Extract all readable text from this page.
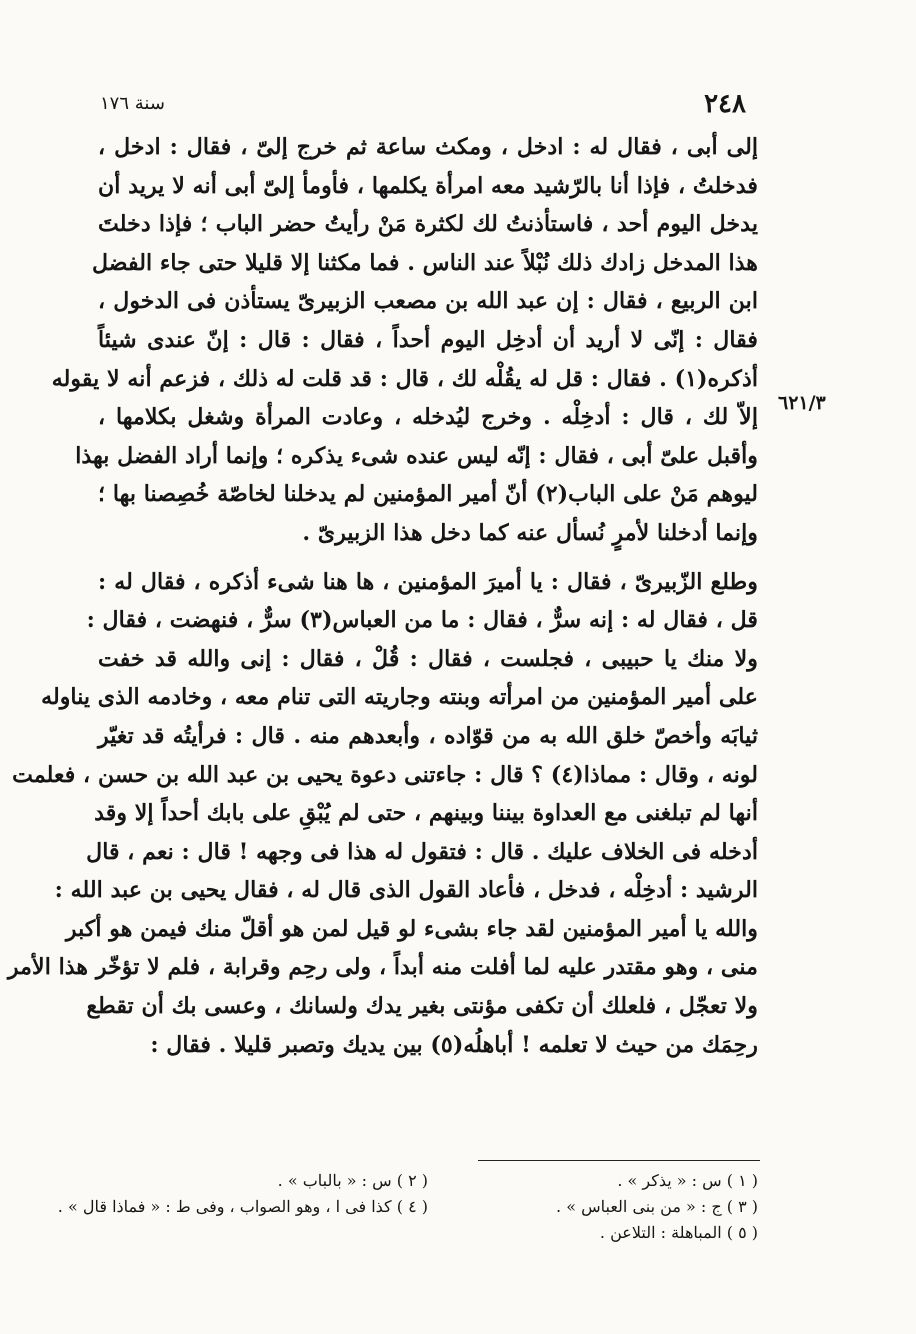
٢٤٨
سنة ١٧٦
٦٢١/٣
إلى أبى ، فقال له : ادخل ، ومكث ساعة ثم خرج إلىّ ، فقال : ادخل ،
فدخلتُ ، فإذا أنا بالرّشيد معه امرأة يكلمها ، فأومأ إلىّ أبى أنه لا يريد أن
يدخل اليوم أحد ، فاستأذنتُ لك لكثرة مَنْ رأيتُ حضر الباب ؛ فإذا دخلتَ
هذا المدخل زادك ذلك نُبْلاً عند الناس . فما مكثنا إلا قليلا حتى جاء الفضل
ابن الربيع ، فقال : إن عبد الله بن مصعب الزبيرىّ يستأذن فى الدخول ،
فقال : إنّى لا أريد أن أدخِل اليوم أحداً ، فقال : قال : إنّ عندى شيئاً
أذكره(١) . فقال : قل له يقُلْه لك ، قال : قد قلت له ذلك ، فزعم أنه لا يقوله
إلاّ لك ، قال : أدخِلْه . وخرج ليُدخله ، وعادت المرأة وشغل بكلامها ،
وأقبل علىّ أبى ، فقال : إنّه ليس عنده شىء يذكره ؛ وإنما أراد الفضل بهذا
ليوهم مَنْ على الباب(٢) أنّ أمير المؤمنين لم يدخلنا لخاصّة خُصِصنا بها ؛
وإنما أدخلنا لأمرٍ نُسأل عنه كما دخل هذا الزبيرىّ .
وطلع الزّبيرىّ ، فقال : يا أميرَ المؤمنين ، ها هنا شىء أذكره ، فقال له :
قل ، فقال له : إنه سرٌّ ، فقال : ما من العباس(٣) سرٌّ ، فنهضت ، فقال :
ولا منك يا حبيبى ، فجلست ، فقال : قُلْ ، فقال : إنى والله قد خفت
على أمير المؤمنين من امرأته وبنته وجاريته التى تنام معه ، وخادمه الذى يناوله
ثيابَه وأخصّ خلق الله به من قوّاده ، وأبعدهم منه . قال : فرأيتُه قد تغيّر
لونه ، وقال : مماذا(٤) ؟ قال : جاءتنى دعوة يحيى بن عبد الله بن حسن ، فعلمت
أنها لم تبلغنى مع العداوة بيننا وبينهم ، حتى لم يُبْقِ على بابك أحداً إلا وقد
أدخله فى الخلاف عليك . قال : فتقول له هذا فى وجهه ! قال : نعم ، قال
الرشيد : أدخِلْه ، فدخل ، فأعاد القول الذى قال له ، فقال يحيى بن عبد الله :
والله يا أمير المؤمنين لقد جاء بشىء لو قيل لمن هو أقلّ منك فيمن هو أكبر
منى ، وهو مقتدر عليه لما أفلت منه أبداً ، ولى رحِم وقرابة ، فلم لا تؤخّر هذا الأمر
ولا تعجّل ، فلعلك أن تكفى مؤنتى بغير يدك ولسانك ، وعسى بك أن تقطع
رحِمَك من حيث لا تعلمه ! أباهلُه(٥) بين يديك وتصبر قليلا . فقال :
( ١ ) س : « يذكر » .
( ٢ ) س : « بالباب » .
( ٣ ) ج : « من بنى العباس » .
( ٤ ) كذا فى ا ، وهو الصواب ، وفى ط : « فماذا قال » .
( ٥ ) المباهلة : التلاعن .
